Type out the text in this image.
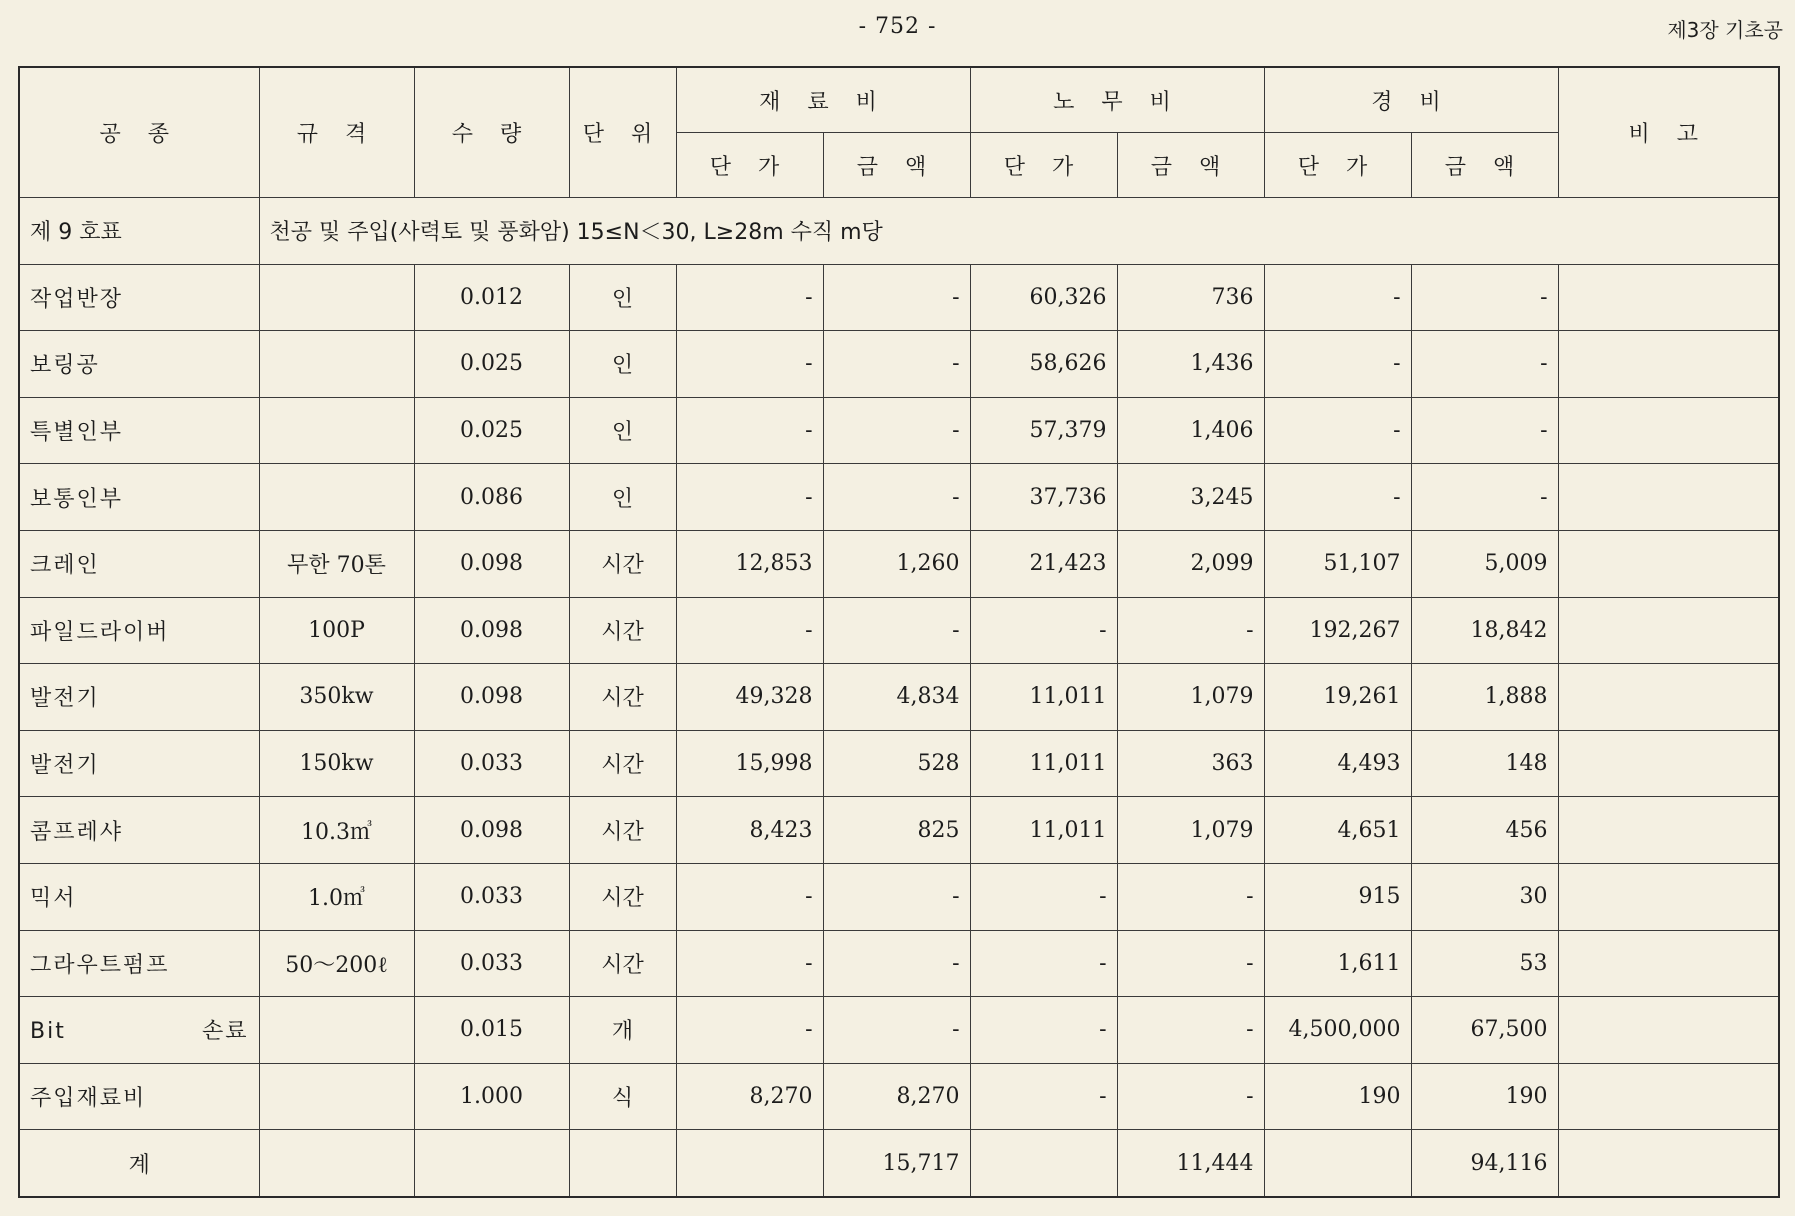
- 752 -	제3장 기초공
공 종	규 격	수 량	단 위	재 료 비		노 무 비		경 비		비 고
				단 가	금 액	단 가	금 액	단 가	금 액	
제 9 호표	천공 및 주입(사력토 및 풍화암) 15≤N＜30, L≥28m 수직 m당									
작업반장		0.012	인	-	-	60,326	736	-	-	
보링공		0.025	인	-	-	58,626	1,436	-	-	
특별인부		0.025	인	-	-	57,379	1,406	-	-	
보통인부		0.086	인	-	-	37,736	3,245	-	-	
크레인	무한 70톤	0.098	시간	12,853	1,260	21,423	2,099	51,107	5,009	
파일드라이버	100P	0.098	시간	-	-	-	-	192,267	18,842	
발전기	350kw	0.098	시간	49,328	4,834	11,011	1,079	19,261	1,888	
발전기	150kw	0.033	시간	15,998	528	11,011	363	4,493	148	
콤프레샤	10.3㎥	0.098	시간	8,423	825	11,011	1,079	4,651	456	
믹서	1.0㎥	0.033	시간	-	-	-	-	915	30	
그라우트펌프	50～200ℓ	0.033	시간	-	-	-	-	1,611	53	
Bit 손료		0.015	개	-	-	-	-	4,500,000	67,500	
주입재료비		1.000	식	8,270	8,270	-	-	190	190	
계					15,717		11,444		94,116	
